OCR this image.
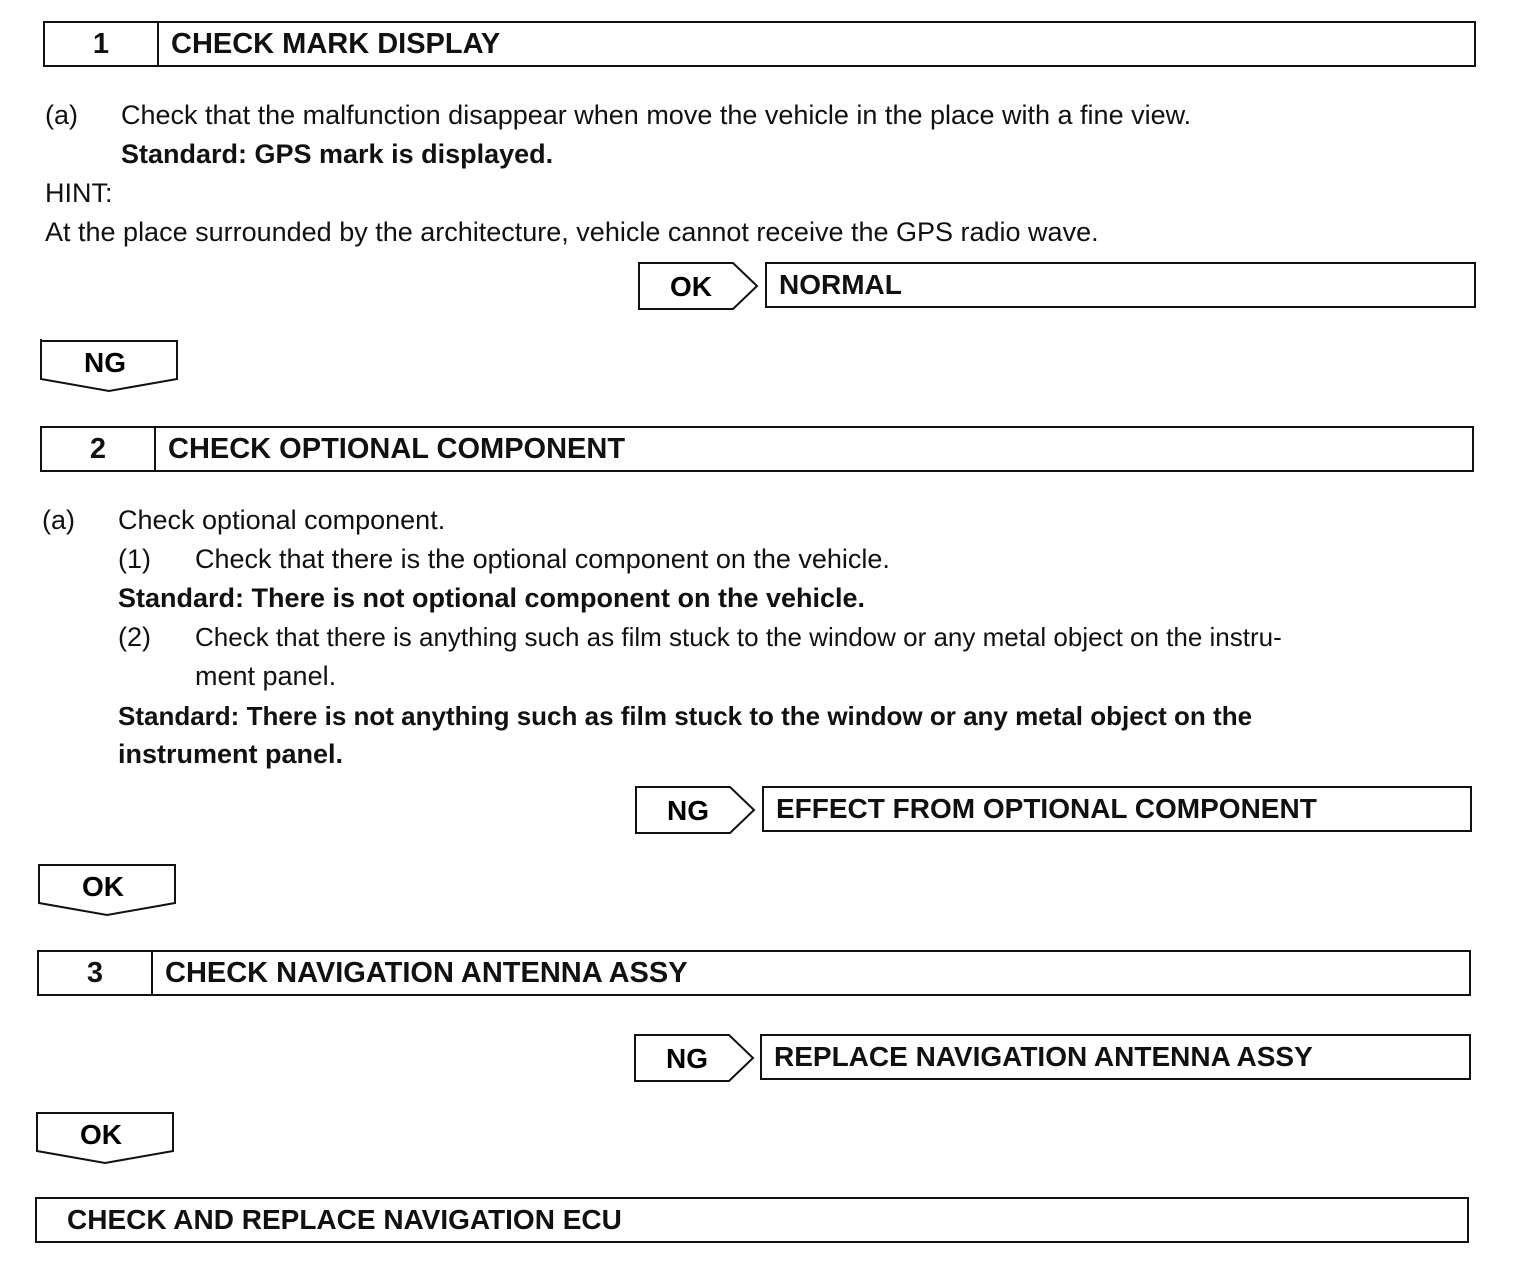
1	CHECK MARK DISPLAY
(a) Check that the malfunction disappear when move the vehicle in the place with a fine view.
Standard: GPS mark is displayed.
HINT:
At the place surrounded by the architecture, vehicle cannot receive the GPS radio wave.
OK	NORMAL
NG
2	CHECK OPTIONAL COMPONENT
(a) Check optional component.
(1) Check that there is the optional component on the vehicle.
Standard: There is not optional component on the vehicle.
(2) Check that there is anything such as film stuck to the window or any metal object on the instru-
ment panel.
Standard: There is not anything such as film stuck to the window or any metal object on the
instrument panel.
NG	EFFECT FROM OPTIONAL COMPONENT
OK
3	CHECK NAVIGATION ANTENNA ASSY
NG	REPLACE NAVIGATION ANTENNA ASSY
OK
CHECK AND REPLACE NAVIGATION ECU
